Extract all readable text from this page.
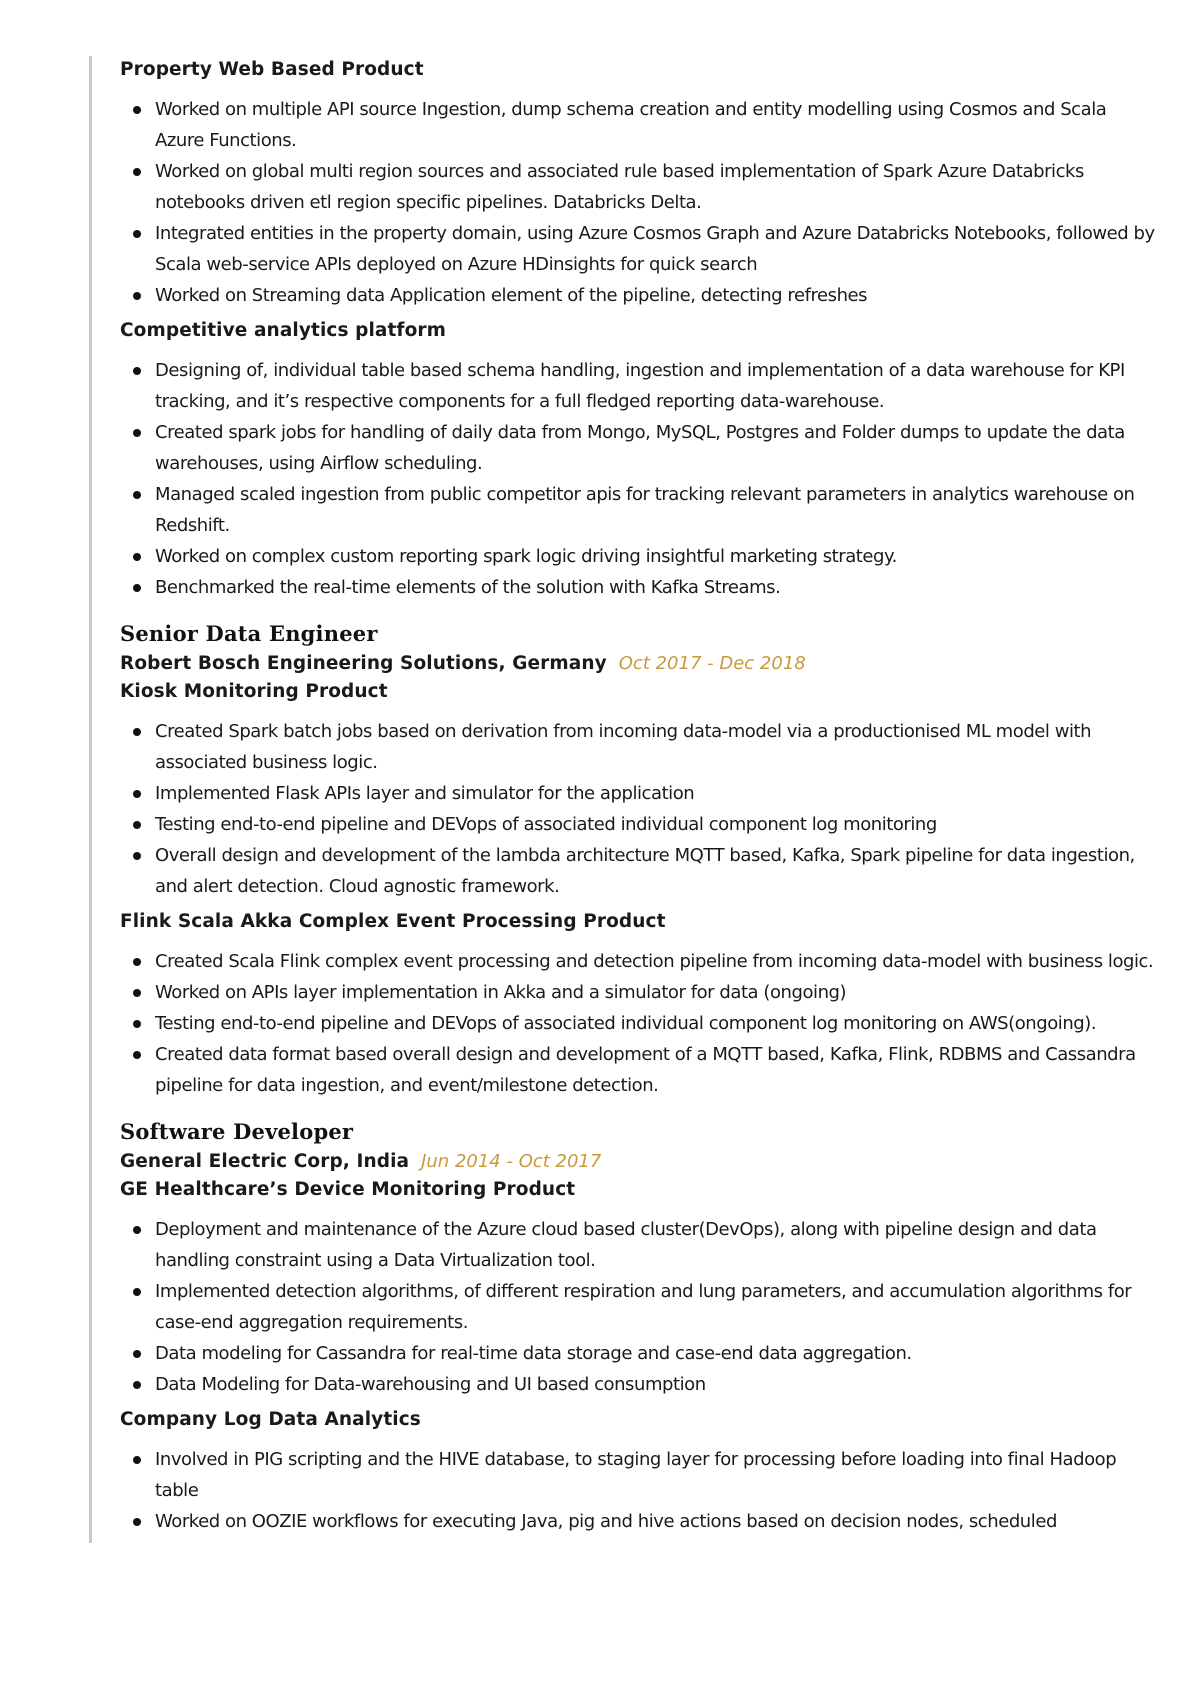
Property Web Based Product
Worked on multiple API source Ingestion, dump schema creation and entity modelling using Cosmos and Scala Azure Functions.
Worked on global multi region sources and associated rule based implementation of Spark Azure Databricks notebooks driven etl region specific pipelines. Databricks Delta.
Integrated entities in the property domain, using Azure Cosmos Graph and Azure Databricks Notebooks, followed by Scala web-service APIs deployed on Azure HDinsights for quick search
Worked on Streaming data Application element of the pipeline, detecting refreshes
Competitive analytics platform
Designing of, individual table based schema handling, ingestion and implementation of a data warehouse for KPI tracking, and it’s respective components for a full fledged reporting data-warehouse.
Created spark jobs for handling of daily data from Mongo, MySQL, Postgres and Folder dumps to update the data warehouses, using Airflow scheduling.
Managed scaled ingestion from public competitor apis for tracking relevant parameters in analytics warehouse on Redshift.
Worked on complex custom reporting spark logic driving insightful marketing strategy.
Benchmarked the real-time elements of the solution with Kafka Streams.
Senior Data Engineer

Robert Bosch Engineering Solutions, Germany Oct 2017 - Dec 2018

Kiosk Monitoring Product
Created Spark batch jobs based on derivation from incoming data-model via a productionised ML model with associated business logic.
Implemented Flask APIs layer and simulator for the application
Testing end-to-end pipeline and DEVops of associated individual component log monitoring
Overall design and development of the lambda architecture MQTT based, Kafka, Spark pipeline for data ingestion, and alert detection. Cloud agnostic framework.
Flink Scala Akka Complex Event Processing Product
Created Scala Flink complex event processing and detection pipeline from incoming data-model with business logic.
Worked on APIs layer implementation in Akka and a simulator for data (ongoing)
Testing end-to-end pipeline and DEVops of associated individual component log monitoring on AWS(ongoing).
Created data format based overall design and development of a MQTT based, Kafka, Flink, RDBMS and Cassandra pipeline for data ingestion, and event/milestone detection.
Software Developer

General Electric Corp, India Jun 2014 - Oct 2017

GE Healthcare’s Device Monitoring Product
Deployment and maintenance of the Azure cloud based cluster(DevOps), along with pipeline design and data handling constraint using a Data Virtualization tool.
Implemented detection algorithms, of different respiration and lung parameters, and accumulation algorithms for case-end aggregation requirements.
Data modeling for Cassandra for real-time data storage and case-end data aggregation.
Data Modeling for Data-warehousing and UI based consumption
Company Log Data Analytics
Involved in PIG scripting and the HIVE database, to staging layer for processing before loading into final Hadoop table
Worked on OOZIE workflows for executing Java, pig and hive actions based on decision nodes, scheduled
